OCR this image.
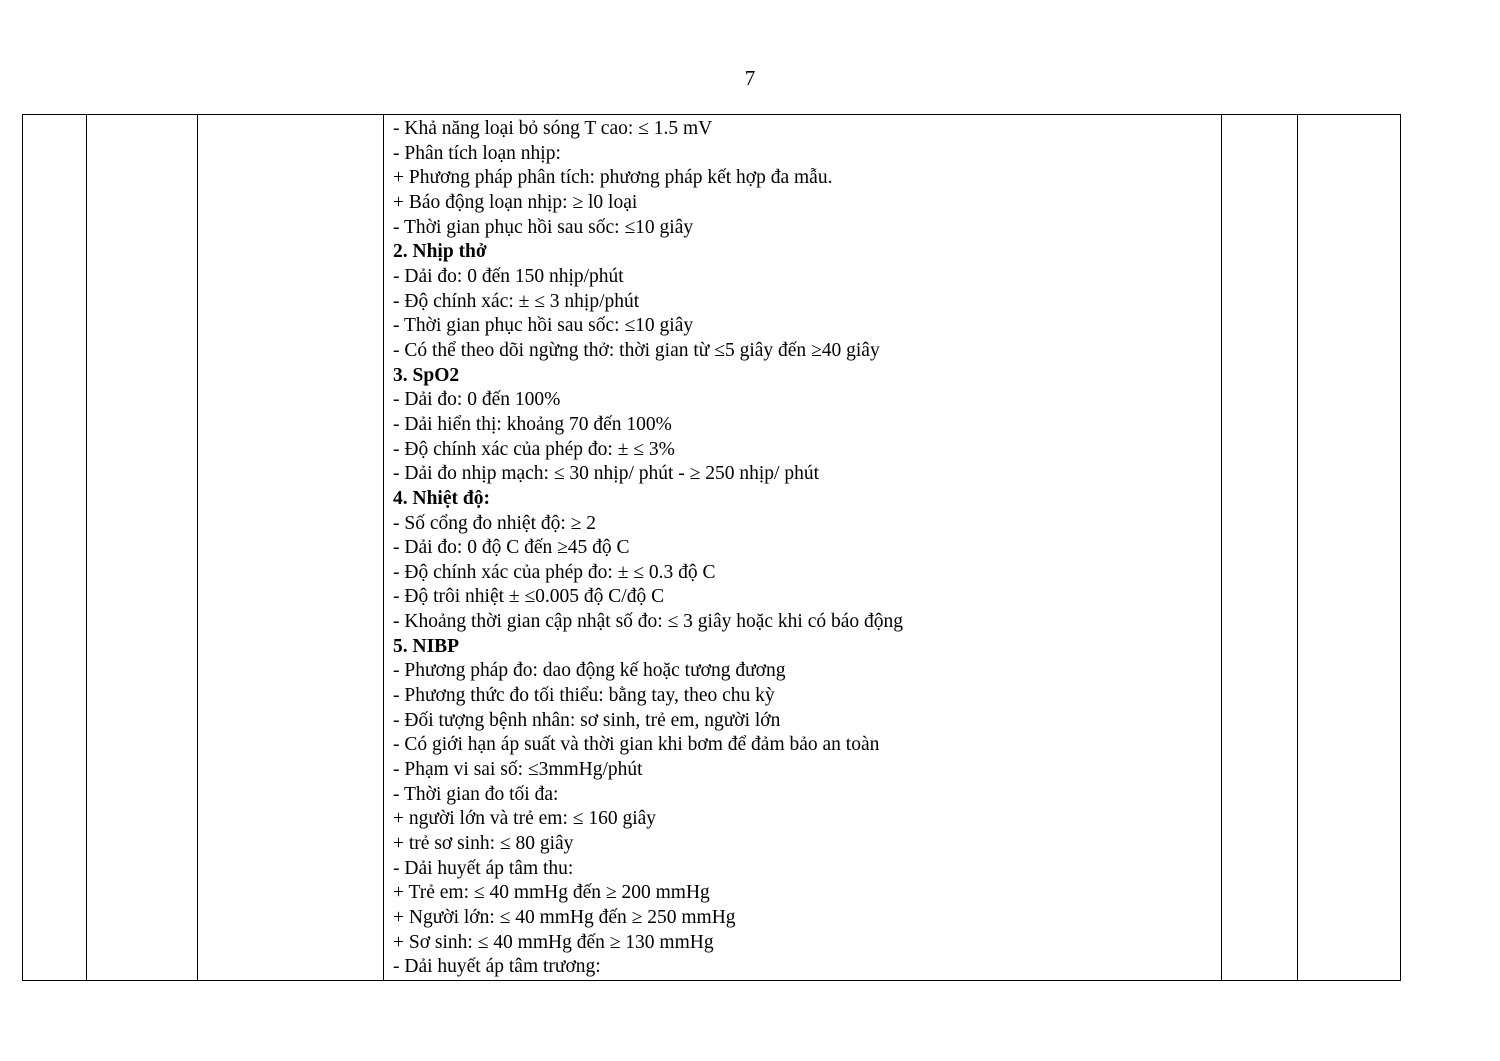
7

- Khả năng loại bỏ sóng T cao: ≤ 1.5 mV
- Phân tích loạn nhịp:
+ Phương pháp phân tích: phương pháp kết hợp đa mẫu.
+ Báo động loạn nhịp: ≥ l0 loại
- Thời gian phục hồi sau sốc: ≤10 giây
2. Nhịp thở
- Dải đo: 0 đến 150 nhịp/phút
- Độ chính xác: ± ≤ 3 nhịp/phút
- Thời gian phục hồi sau sốc: ≤10 giây
- Có thể theo dõi ngừng thở: thời gian từ ≤5 giây đến ≥40 giây
3. SpO2
- Dải đo: 0 đến 100%
- Dải hiển thị: khoảng 70 đến 100%
- Độ chính xác của phép đo: ± ≤ 3%
- Dải đo nhịp mạch: ≤ 30 nhịp/ phút - ≥ 250 nhịp/ phút
4. Nhiệt độ:
- Số cổng đo nhiệt độ: ≥ 2
- Dải đo: 0 độ C đến ≥45 độ C
- Độ chính xác của phép đo: ± ≤ 0.3 độ C
- Độ trôi nhiệt ± ≤0.005 độ C/độ C
- Khoảng thời gian cập nhật số đo: ≤ 3 giây hoặc khi có báo động
5. NIBP
- Phương pháp đo: dao động kế hoặc tương đương
- Phương thức đo tối thiểu: bằng tay, theo chu kỳ
- Đối tượng bệnh nhân: sơ sinh, trẻ em, người lớn
- Có giới hạn áp suất và thời gian khi bơm để đảm bảo an toàn
- Phạm vi sai số: ≤3mmHg/phút
- Thời gian đo tối đa:
+ người lớn và trẻ em: ≤ 160 giây
+ trẻ sơ sinh: ≤ 80 giây
- Dải huyết áp tâm thu:
+ Trẻ em: ≤ 40 mmHg đến ≥ 200 mmHg
+ Người lớn: ≤ 40 mmHg đến ≥ 250 mmHg
+ Sơ sinh: ≤ 40 mmHg đến ≥ 130 mmHg
- Dải huyết áp tâm trương:
